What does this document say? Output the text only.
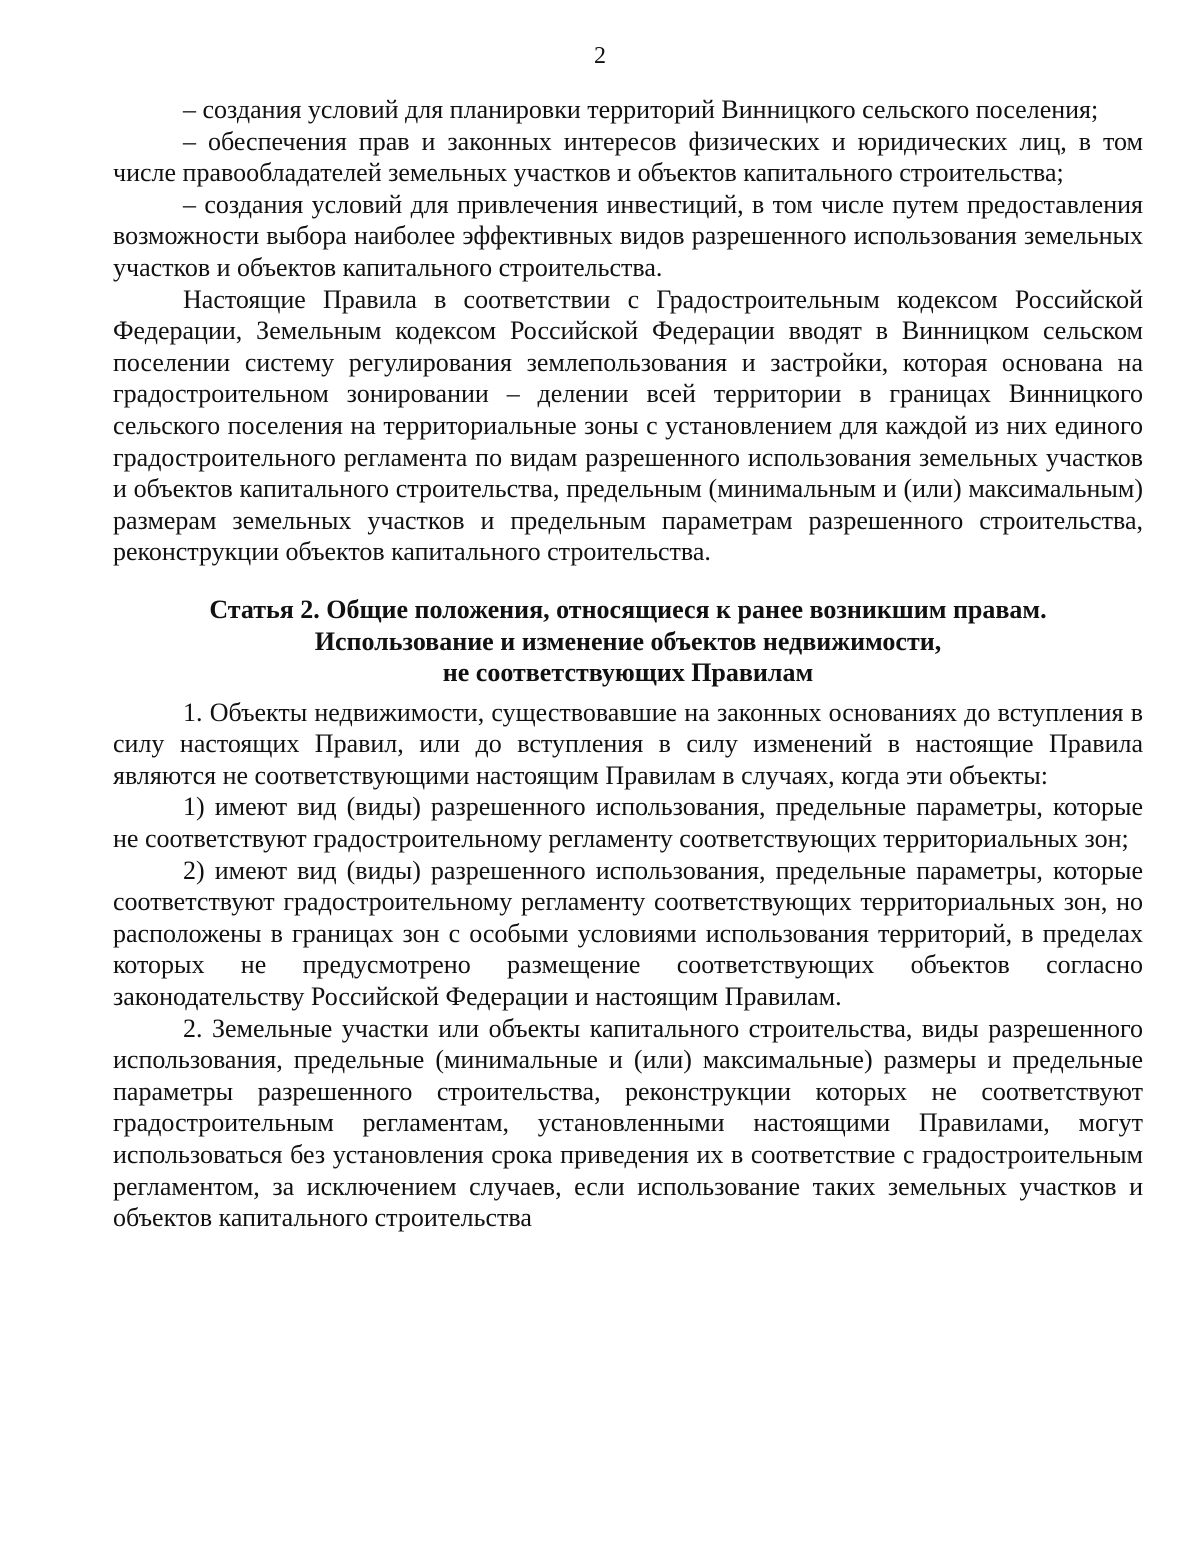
2

– создания условий для планировки территорий Винницкого сельского поселения;

– обеспечения прав и законных интересов физических и юридических лиц, в том числе правообладателей земельных участков и объектов капитального строительства;

– создания условий для привлечения инвестиций, в том числе путем предоставления возможности выбора наиболее эффективных видов разрешенного использования земельных участков и объектов капитального строительства.

Настоящие Правила в соответствии с Градостроительным кодексом Российской Федерации, Земельным кодексом Российской Федерации вводят в Винницком сельском поселении систему регулирования землепользования и застройки, которая основана на градостроительном зонировании – делении всей территории в границах Винницкого сельского поселения на территориальные зоны с установлением для каждой из них единого градостроительного регламента по видам разрешенного использования земельных участков и объектов капитального строительства, предельным (минимальным и (или) максимальным) размерам земельных участков и предельным параметрам разрешенного строительства, реконструкции объектов капитального строительства.

Статья 2. Общие положения, относящиеся к ранее возникшим правам.
Использование и изменение объектов недвижимости,
не соответствующих Правилам

1. Объекты недвижимости, существовавшие на законных основаниях до вступления в силу настоящих Правил, или до вступления в силу изменений в настоящие Правила являются не соответствующими настоящим Правилам в случаях, когда эти объекты:

1) имеют вид (виды) разрешенного использования, предельные параметры, которые не соответствуют градостроительному регламенту соответствующих территориальных зон;

2) имеют вид (виды) разрешенного использования, предельные параметры, которые соответствуют градостроительному регламенту соответствующих территориальных зон, но расположены в границах зон с особыми условиями использования территорий, в пределах которых не предусмотрено размещение соответствующих объектов согласно законодательству Российской Федерации и настоящим Правилам.

2. Земельные участки или объекты капитального строительства, виды разрешенного использования, предельные (минимальные и (или) максимальные) размеры и предельные параметры разрешенного строительства, реконструкции которых не соответствуют градостроительным регламентам, установленными настоящими Правилами, могут использоваться без установления срока приведения их в соответствие с градостроительным регламентом, за исключением случаев, если использование таких земельных участков и объектов капитального строительства
